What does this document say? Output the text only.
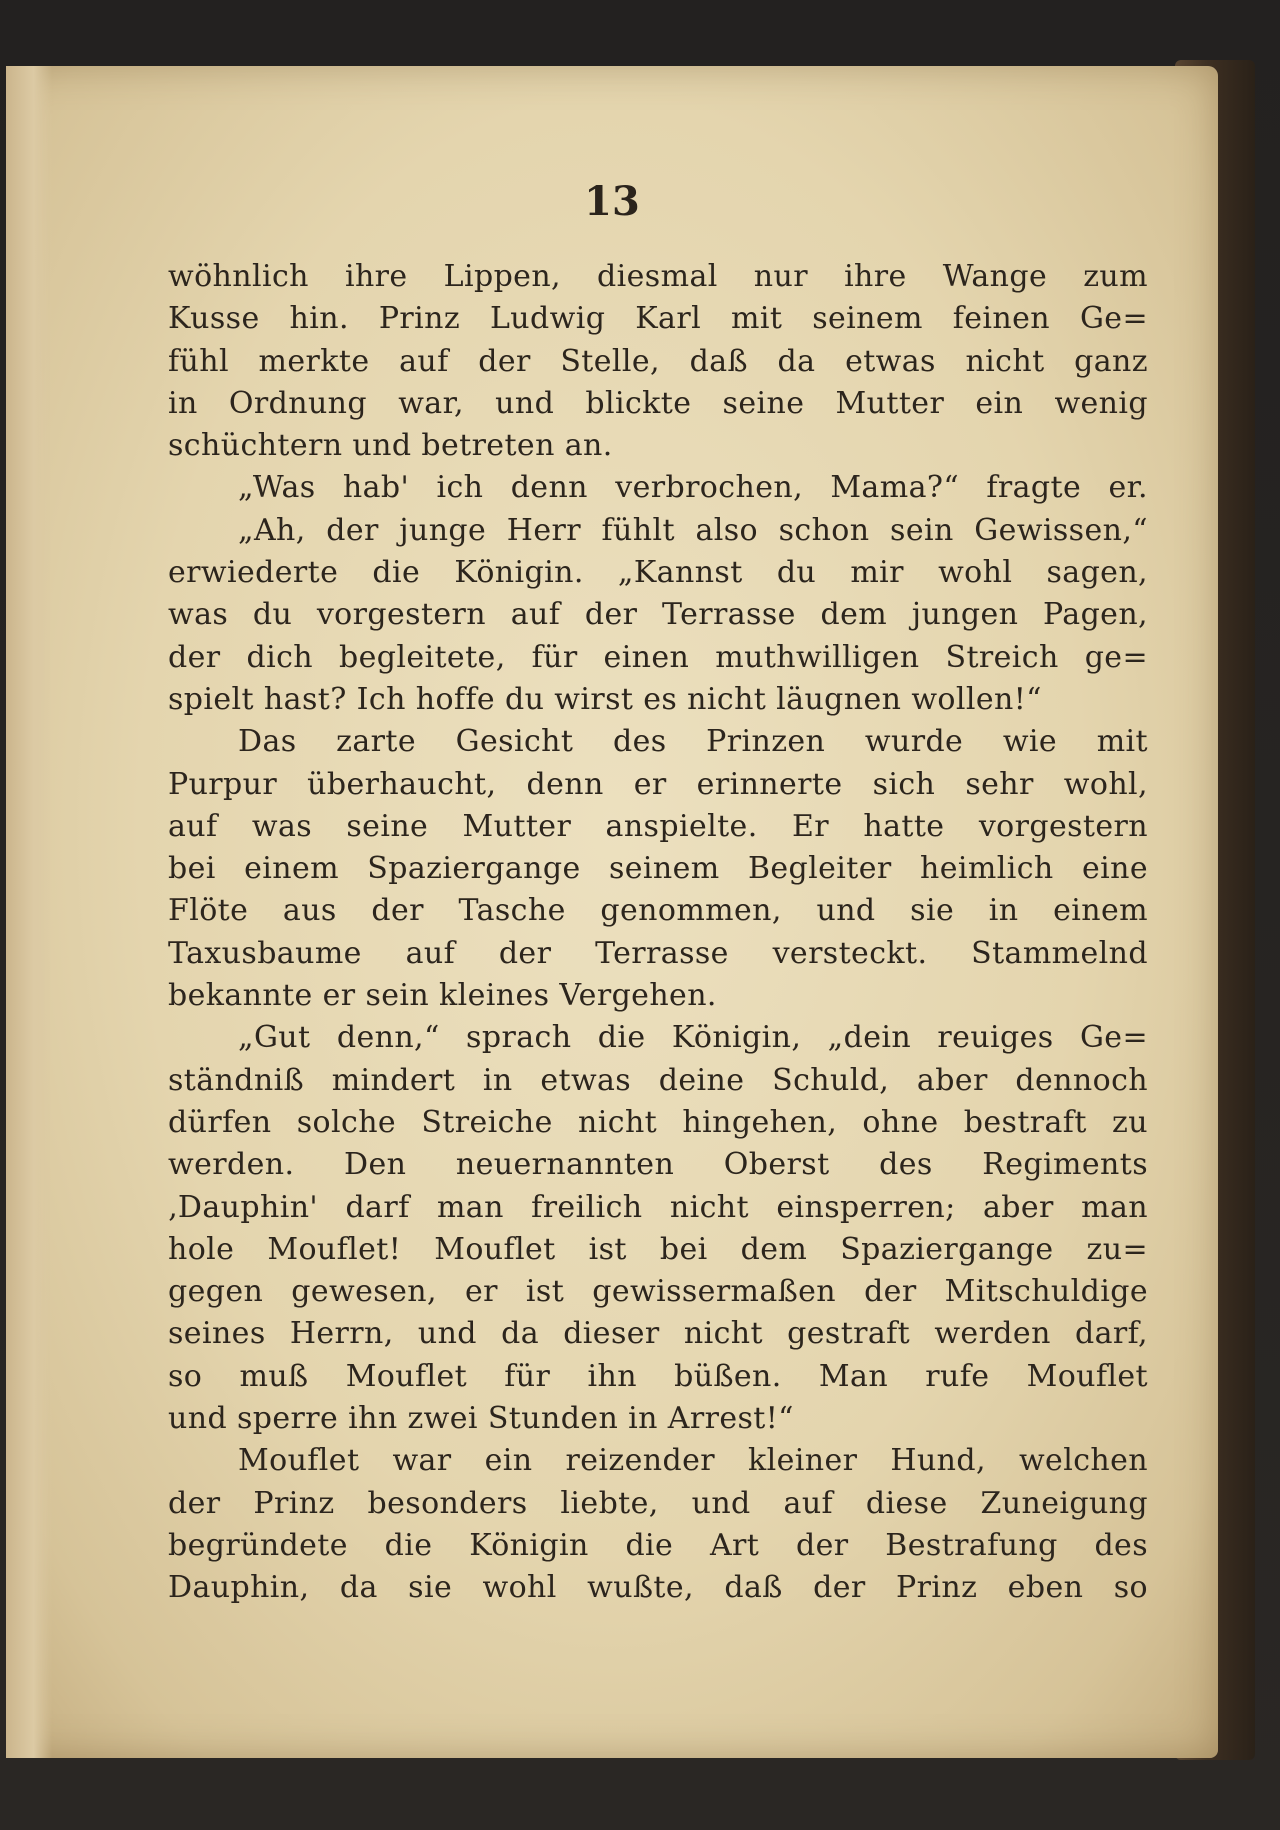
13
wöhnlich ihre Lippen, diesmal nur ihre Wange zum
Kusse hin. Prinz Ludwig Karl mit seinem feinen Ge=
fühl merkte auf der Stelle, daß da etwas nicht ganz
in Ordnung war, und blickte seine Mutter ein wenig
schüchtern und betreten an.
„Was hab' ich denn verbrochen, Mama?“ fragte er.
„Ah, der junge Herr fühlt also schon sein Gewissen,“
erwiederte die Königin. „Kannst du mir wohl sagen,
was du vorgestern auf der Terrasse dem jungen Pagen,
der dich begleitete, für einen muthwilligen Streich ge=
spielt hast? Ich hoffe du wirst es nicht läugnen wollen!“
Das zarte Gesicht des Prinzen wurde wie mit
Purpur überhaucht, denn er erinnerte sich sehr wohl,
auf was seine Mutter anspielte. Er hatte vorgestern
bei einem Spaziergange seinem Begleiter heimlich eine
Flöte aus der Tasche genommen, und sie in einem
Taxusbaume auf der Terrasse versteckt. Stammelnd
bekannte er sein kleines Vergehen.
„Gut denn,“ sprach die Königin, „dein reuiges Ge=
ständniß mindert in etwas deine Schuld, aber dennoch
dürfen solche Streiche nicht hingehen, ohne bestraft zu
werden. Den neuernannten Oberst des Regiments
‚Dauphin' darf man freilich nicht einsperren; aber man
hole Mouflet! Mouflet ist bei dem Spaziergange zu=
gegen gewesen, er ist gewissermaßen der Mitschuldige
seines Herrn, und da dieser nicht gestraft werden darf,
so muß Mouflet für ihn büßen. Man rufe Mouflet
und sperre ihn zwei Stunden in Arrest!“
Mouflet war ein reizender kleiner Hund, welchen
der Prinz besonders liebte, und auf diese Zuneigung
begründete die Königin die Art der Bestrafung des
Dauphin, da sie wohl wußte, daß der Prinz eben so
